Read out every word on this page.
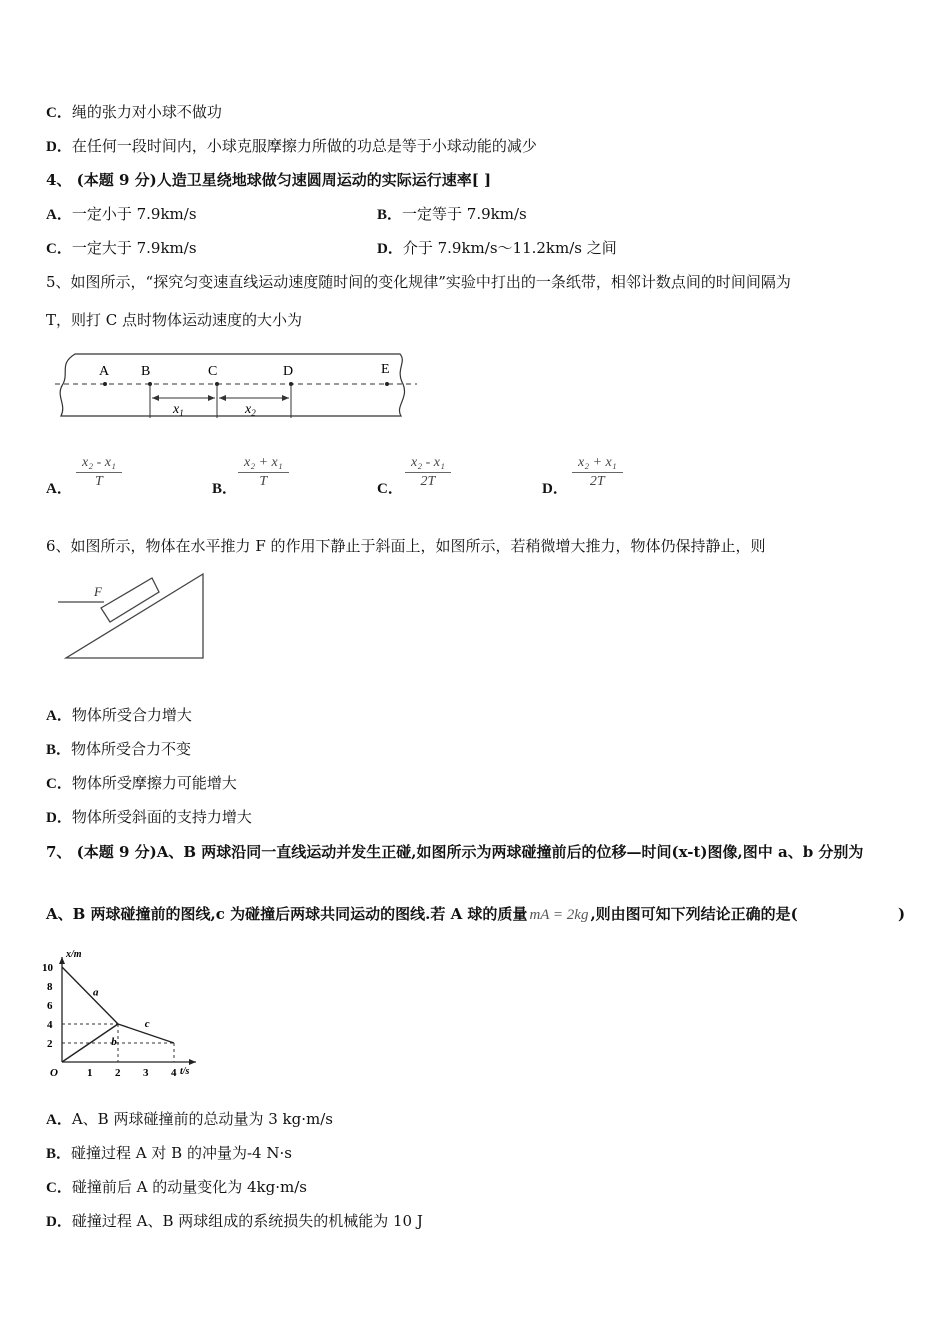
C．绳的张力对小球不做功
D．在任何一段时间内，小球克服摩擦力所做的功总是等于小球动能的减少
4、 (本题 9 分)人造卫星绕地球做匀速圆周运动的实际运行速率[ ]
A．一定小于 7.9km/s	B．一定等于 7.9km/s
C．一定大于 7.9km/s	D．介于 7.9km/s～11.2km/s 之间
5、如图所示，“探究匀变速直线运动速度随时间的变化规律”实验中打出的一条纸带，相邻计数点间的时间间隔为
T，则打 C 点时物体运动速度的大小为
A B	C	D	E
$x_1$	$x_2$
A． $\frac{\text{x₂ - x₁}}{T}$	B． $\frac{\text{x₂ + x₁}}{T}$	C． $\frac{\text{x₂ - x₁}}{2T}$	D． $\frac{\text{x₂ + x₁}}{2T}$
6、如图所示，物体在水平推力 F 的作用下静止于斜面上，如图所示，若稍微增大推力，物体仍保持静止，则
F
A．物体所受合力增大
B．物体所受合力不变
C．物体所受摩擦力可能增大
D．物体所受斜面的支持力增大
7、 (本题 9 分)A、B 两球沿同一直线运动并发生正碰,如图所示为两球碰撞前后的位移—时间(x-t)图像,图中 a、b 分别为
A、B 两球碰撞前的图线,c 为碰撞后两球共同运动的图线.若 A 球的质量 mA = 2kg ,则由图可知下列结论正确的是(	)
x/m
t/s
O	1 2 3 4
2
4
6
8
10
a
b
c
A．A、B 两球碰撞前的总动量为 3 kg·m/s
B．碰撞过程 A 对 B 的冲量为-4 N·s
C．碰撞前后 A 的动量变化为 4kg·m/s
D．碰撞过程 A、B 两球组成的系统损失的机械能为 10 J
